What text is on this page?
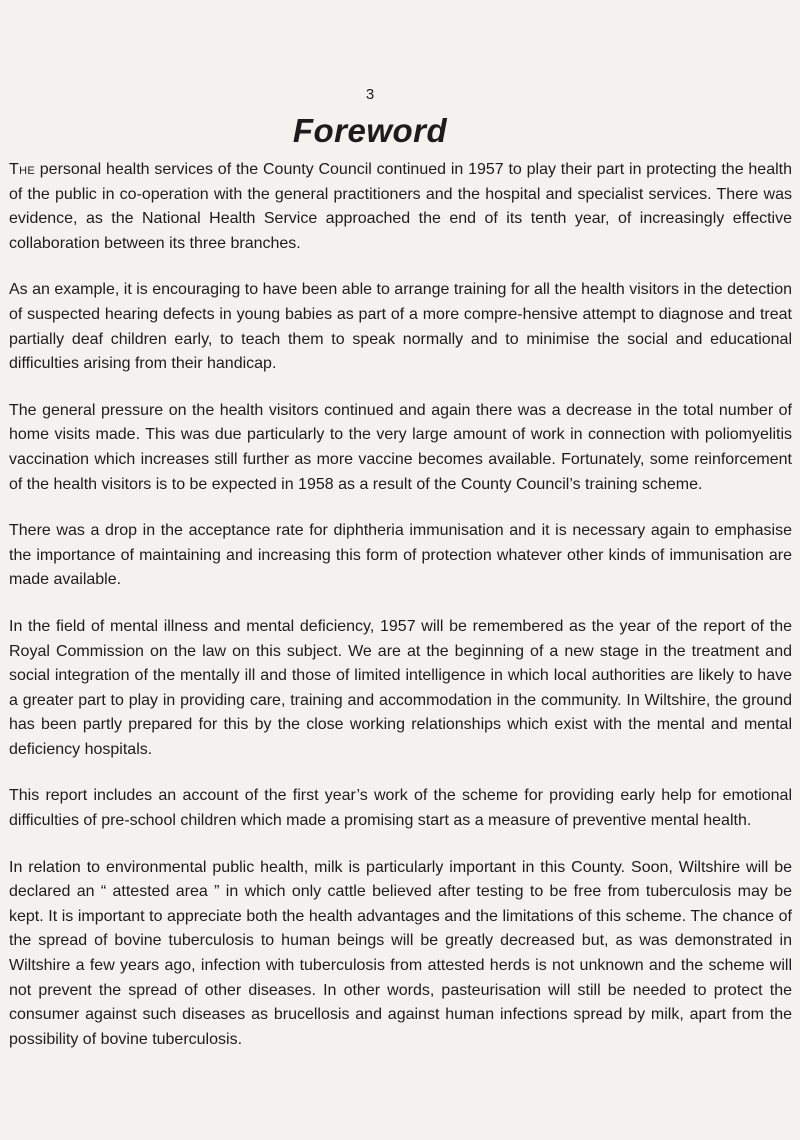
3
Foreword

The personal health services of the County Council continued in 1957 to play their part in protecting the health of the public in co-operation with the general practitioners and the hospital and specialist services. There was evidence, as the National Health Service approached the end of its tenth year, of increasingly effective collaboration between its three branches.

As an example, it is encouraging to have been able to arrange training for all the health visitors in the detection of suspected hearing defects in young babies as part of a more compre-hensive attempt to diagnose and treat partially deaf children early, to teach them to speak normally and to minimise the social and educational difficulties arising from their handicap.

The general pressure on the health visitors continued and again there was a decrease in the total number of home visits made. This was due particularly to the very large amount of work in connection with poliomyelitis vaccination which increases still further as more vaccine becomes available. Fortunately, some reinforcement of the health visitors is to be expected in 1958 as a result of the County Council’s training scheme.

There was a drop in the acceptance rate for diphtheria immunisation and it is necessary again to emphasise the importance of maintaining and increasing this form of protection whatever other kinds of immunisation are made available.

In the field of mental illness and mental deficiency, 1957 will be remembered as the year of the report of the Royal Commission on the law on this subject. We are at the beginning of a new stage in the treatment and social integration of the mentally ill and those of limited intelligence in which local authorities are likely to have a greater part to play in providing care, training and accommodation in the community. In Wiltshire, the ground has been partly prepared for this by the close working relationships which exist with the mental and mental deficiency hospitals.

This report includes an account of the first year’s work of the scheme for providing early help for emotional difficulties of pre-school children which made a promising start as a measure of preventive mental health.

In relation to environmental public health, milk is particularly important in this County. Soon, Wiltshire will be declared an “ attested area ” in which only cattle believed after testing to be free from tuberculosis may be kept. It is important to appreciate both the health advantages and the limitations of this scheme. The chance of the spread of bovine tuberculosis to human beings will be greatly decreased but, as was demonstrated in Wiltshire a few years ago, infection with tuberculosis from attested herds is not unknown and the scheme will not prevent the spread of other diseases. In other words, pasteurisation will still be needed to protect the consumer against such diseases as brucellosis and against human infections spread by milk, apart from the possibility of bovine tuberculosis.
